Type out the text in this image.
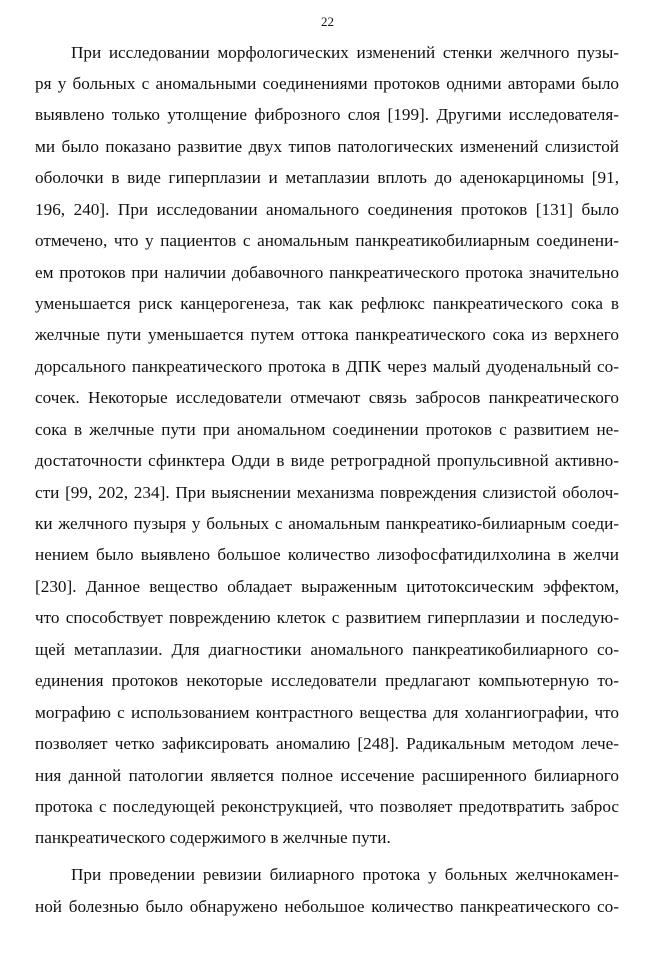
22
При исследовании морфологических изменений стенки желчного пузы-
ря у больных с аномальными соединениями протоков одними авторами было
выявлено только утолщение фиброзного слоя [199]. Другими исследователя-
ми было показано развитие двух типов патологических изменений слизистой
оболочки в виде гиперплазии и метаплазии вплоть до аденокарциномы [91,
196, 240]. При исследовании аномального соединения протоков [131] было
отмечено, что у пациентов с аномальным панкреатикобилиарным соединени-
ем протоков при наличии добавочного панкреатического протока значительно
уменьшается риск канцерогенеза, так как рефлюкс панкреатического сока в
желчные пути уменьшается путем оттока панкреатического сока из верхнего
дорсального панкреатического протока в ДПК через малый дуоденальный со-
сочек. Некоторые исследователи отмечают связь забросов панкреатического
сока в желчные пути при аномальном соединении протоков с развитием не-
достаточности сфинктера Одди в виде ретроградной пропульсивной активно-
сти [99, 202, 234]. При выяснении механизма повреждения слизистой оболоч-
ки желчного пузыря у больных с аномальным панкреатико-билиарным соеди-
нением было выявлено большое количество лизофосфатидилхолина в желчи
[230]. Данное вещество обладает выраженным цитотоксическим эффектом,
что способствует повреждению клеток с развитием гиперплазии и последую-
щей метаплазии. Для диагностики аномального панкреатикобилиарного со-
единения протоков некоторые исследователи предлагают компьютерную то-
мографию с использованием контрастного вещества для холангиографии, что
позволяет четко зафиксировать аномалию [248]. Радикальным методом лече-
ния данной патологии является полное иссечение расширенного билиарного
протока с последующей реконструкцией, что позволяет предотвратить заброс
панкреатического содержимого в желчные пути.
При проведении ревизии билиарного протока у больных желчнокамен-
ной болезнью было обнаружено небольшое количество панкреатического со-
